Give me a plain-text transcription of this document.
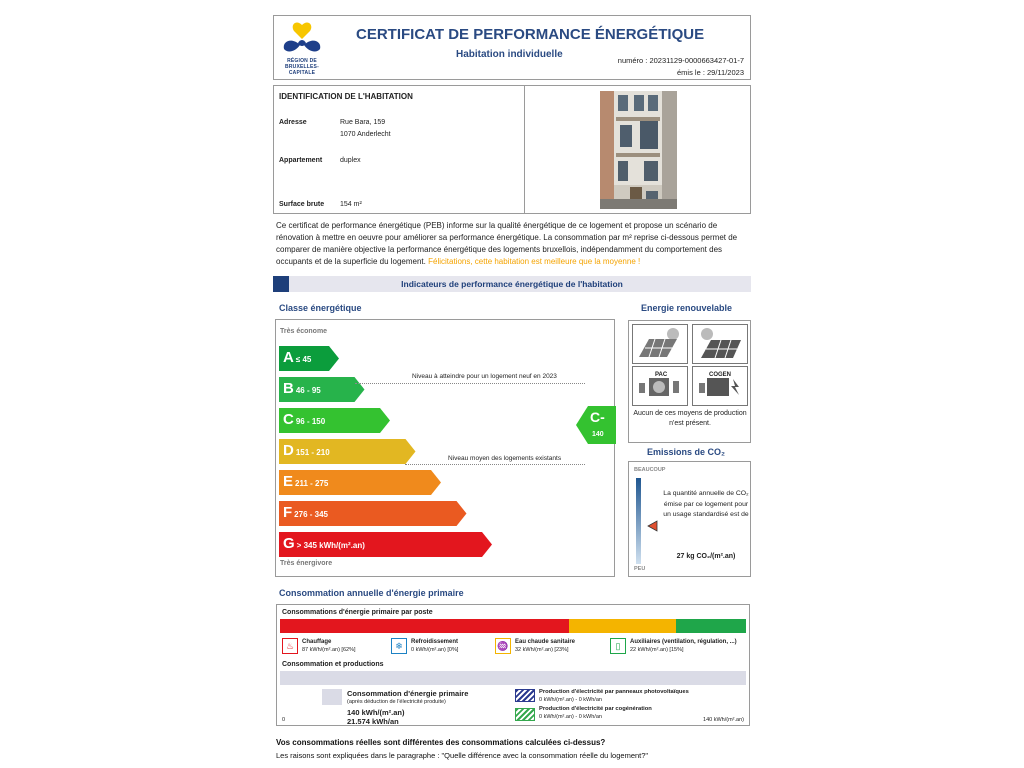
RÉGION DE BRUXELLES-CAPITALE
CERTIFICAT DE PERFORMANCE ÉNERGÉTIQUE
Habitation individuelle
numéro : 20231129-0000663427-01-7
émis le : 29/11/2023
IDENTIFICATION DE L'HABITATION
Adresse	Rue Bara, 159
1070 Anderlecht
Appartement	duplex
Surface brute 154 m²
Ce certificat de performance énergétique (PEB) informe sur la qualité énergétique de ce logement et propose un scénario de rénovation à mettre en oeuvre pour améliorer sa performance énergétique. La consommation par m² reprise ci-dessous permet de comparer de manière objective la performance énergétique des logements bruxellois, indépendamment du comportement des occupants et de la superficie du logement. Félicitations, cette habitation est meilleure que la moyenne !
Indicateurs de performance énergétique de l'habitation
Classe énergétique
Très économe
A ≤ 45
B 46 - 95
C 96 - 150
D 151 - 210
E 211 - 275
F 276 - 345
G > 345 kWh/(m².an)
Niveau à atteindre pour un logement neuf en 2023
Niveau moyen des logements existants
C-
140
Très énergivore
Energie renouvelable
PAC	COGEN
Aucun de ces moyens de production n'est présent.
Emissions de CO₂
BEAUCOUP
PEU
La quantité annuelle de CO₂ émise par ce logement pour un usage standardisé est de
27 kg CO₂/(m².an)
Consommation annuelle d'énergie primaire
Consommations d'énergie primaire par poste
♨	Chauffage
87 kWh/(m².an) [62%]	❄	Refroidissement
0 kWh/(m².an) [0%]	♒	Eau chaude sanitaire
32 kWh/(m².an) [23%]	▯	Auxiliaires (ventilation, régulation, ...)
22 kWh/(m².an) [15%]
Consommation et productions
Consommation d'énergie primaire
(après déduction de l'électricité produite)
140 kWh/(m².an)
21.574 kWh/an
Production d'électricité par panneaux photovoltaïques
0 kWh/(m².an) - 0 kWh/an
Production d'électricité par cogénération
0 kWh/(m².an) - 0 kWh/an
0	140 kWh/(m².an)
Vos consommations réelles sont différentes des consommations calculées ci-dessus?
Les raisons sont expliquées dans le paragraphe : "Quelle différence avec la consommation réelle du logement?"
